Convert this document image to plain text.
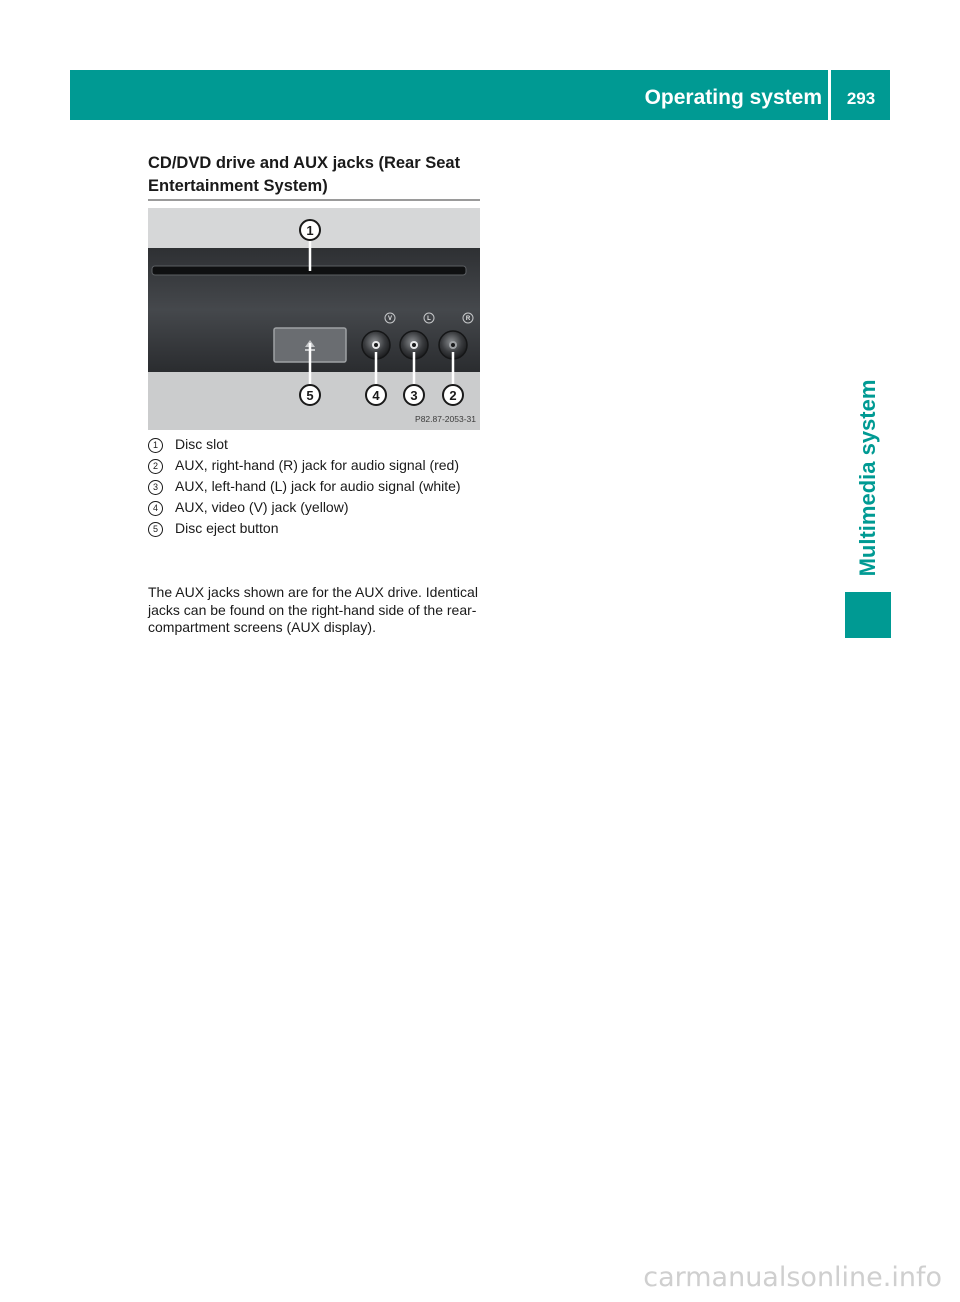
Operating system	293
Multimedia system
CD/DVD drive and AUX jacks (Rear Seat Entertainment System)
V	L	R
1
2
3
4
5
P82.87-2053-31
1	Disc slot
2	AUX, right-hand (R) jack for audio signal (red)
3	AUX, left-hand (L) jack for audio signal (white)
4	AUX, video (V) jack (yellow)
5	Disc eject button

The AUX jacks shown are for the AUX drive. Identical jacks can be found on the right-hand side of the rear-compartment screens (AUX display).

carmanualsonline.info
